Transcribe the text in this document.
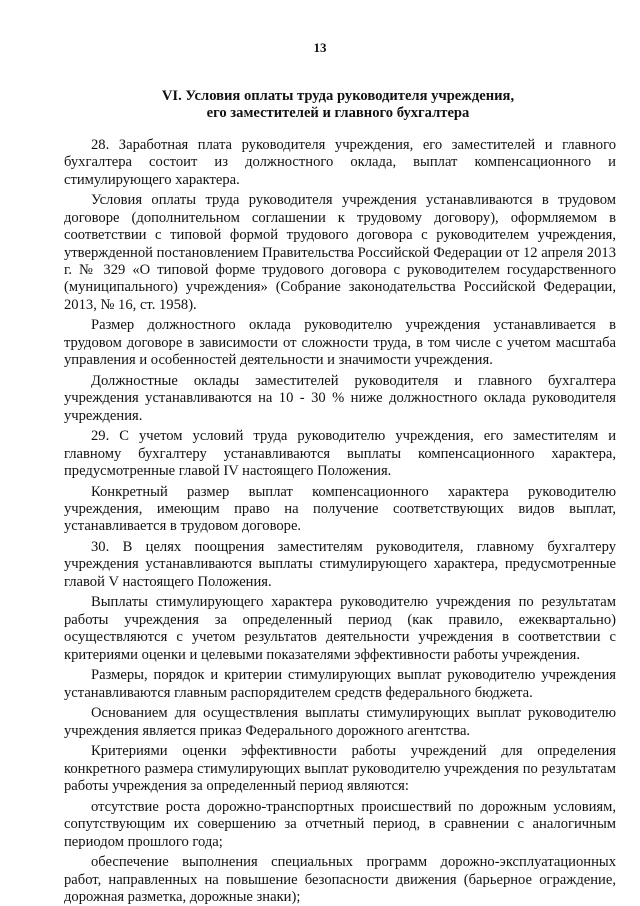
13
VI. Условия оплаты труда руководителя учреждения,
его заместителей и главного бухгалтера

28. Заработная плата руководителя учреждения, его заместителей и главного бухгалтера состоит из должностного оклада, выплат компенсационного и стимулирующего характера.

Условия оплаты труда руководителя учреждения устанавливаются в трудовом договоре (дополнительном соглашении к трудовому договору), оформляемом в соответствии с типовой формой трудового договора с руководителем учреждения, утвержденной постановлением Правительства Российской Федерации от 12 апреля 2013 г. № 329 «О типовой форме трудового договора с руководителем государственного (муниципального) учреждения» (Собрание законодательства Российской Федерации, 2013, № 16, ст. 1958).

Размер должностного оклада руководителю учреждения устанавливается в трудовом договоре в зависимости от сложности труда, в том числе с учетом масштаба управления и особенностей деятельности и значимости учреждения.

Должностные оклады заместителей руководителя и главного бухгалтера учреждения устанавливаются на 10 - 30 % ниже должностного оклада руководителя учреждения.

29. С учетом условий труда руководителю учреждения, его заместителям и главному бухгалтеру устанавливаются выплаты компенсационного характера, предусмотренные главой IV настоящего Положения.

Конкретный размер выплат компенсационного характера руководителю учреждения, имеющим право на получение соответствующих видов выплат, устанавливается в трудовом договоре.

30. В целях поощрения заместителям руководителя, главному бухгалтеру учреждения устанавливаются выплаты стимулирующего характера, предусмотренные главой V настоящего Положения.

Выплаты стимулирующего характера руководителю учреждения по результатам работы учреждения за определенный период (как правило, ежеквартально) осуществляются с учетом результатов деятельности учреждения в соответствии с критериями оценки и целевыми показателями эффективности работы учреждения.

Размеры, порядок и критерии стимулирующих выплат руководителю учреждения устанавливаются главным распорядителем средств федерального бюджета.

Основанием для осуществления выплаты стимулирующих выплат руководителю учреждения является приказ Федерального дорожного агентства.

Критериями оценки эффективности работы учреждений для определения конкретного размера стимулирующих выплат руководителю учреждения по результатам работы учреждения за определенный период являются:

отсутствие роста дорожно-транспортных происшествий по дорожным условиям, сопутствующим их совершению за отчетный период, в сравнении с аналогичным периодом прошлого года;

обеспечение выполнения специальных программ дорожно-эксплуатационных работ, направленных на повышение безопасности движения (барьерное ограждение, дорожная разметка, дорожные знаки);
